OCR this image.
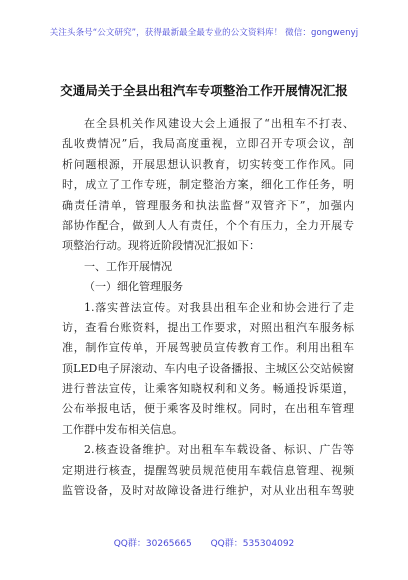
关注头条号“公文研究”，获得最新最全最专业的公文资料库！ 微信：gongwenyj
交通局关于全县出租汽车专项整治工作开展情况汇报
在全县机关作风建设大会上通报了“出租车不打表、
乱收费情况”后，我局高度重视，立即召开专项会议，剖
析问题根源，开展思想认识教育，切实转变工作作风。同
时，成立了工作专班，制定整治方案，细化工作任务，明
确责任清单，管理服务和执法监督“双管齐下”，加强内
部协作配合，做到人人有责任，个个有压力，全力开展专
项整治行动。现将近阶段情况汇报如下：
一、工作开展情况
（一）细化管理服务
1.落实普法宣传。对我县出租车企业和协会进行了走
访，查看台账资料，提出工作要求，对照出租汽车服务标
准，制作宣传单，开展驾驶员宣传教育工作。利用出租车
顶LED电子屏滚动、车内电子设备播报、主城区公交站候窗
进行普法宣传，让乘客知晓权利和义务。畅通投诉渠道，
公布举报电话，便于乘客及时维权。同时，在出租车管理
工作群中发布相关信息。
2.核查设备维护。对出租车车载设备、标识、广告等
定期进行核查，提醒驾驶员规范使用车载信息管理、视频
监管设备，及时对故障设备进行维护，对从业出租车驾驶
QQ群：30265665 QQ群：535304092
